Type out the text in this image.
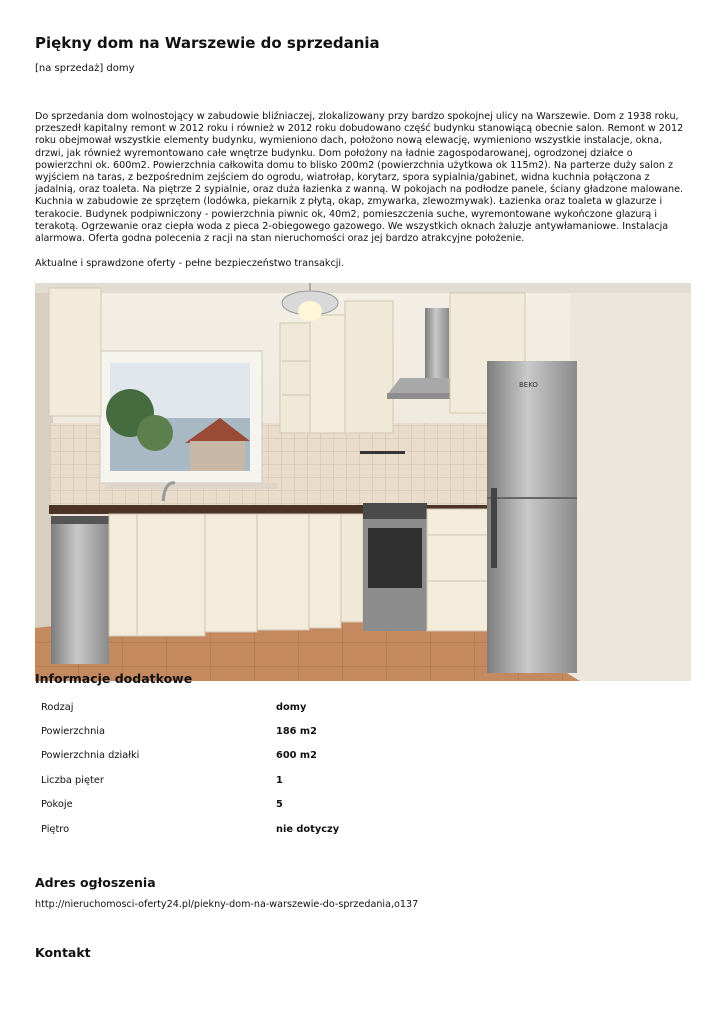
Piękny dom na Warszewie do sprzedania
[na sprzedaż] domy

Do sprzedania dom wolnostojący w zabudowie bliźniaczej, zlokalizowany przy bardzo spokojnej ulicy na Warszewie. Dom z 1938 roku, przeszedł kapitalny remont w 2012 roku i również w 2012 roku dobudowano część budynku stanowiącą obecnie salon. Remont w 2012 roku obejmował wszystkie elementy budynku, wymieniono dach, położono nową elewację, wymieniono wszystkie instalacje, okna, drzwi, jak również wyremontowano całe wnętrze budynku. Dom położony na ładnie zagospodarowanej, ogrodzonej działce o powierzchni ok. 600m2. Powierzchnia całkowita domu to blisko 200m2 (powierzchnia użytkowa ok 115m2). Na parterze duży salon z wyjściem na taras, z bezpośrednim zejściem do ogrodu, wiatrołap, korytarz, spora sypialnia/gabinet, widna kuchnia połączona z jadalnią, oraz toaleta. Na piętrze 2 sypialnie, oraz duża łazienka z wanną. W pokojach na podłodze panele, ściany gładzone malowane. Kuchnia w zabudowie ze sprzętem (lodówka, piekarnik z płytą, okap, zmywarka, zlewozmywak). Łazienka oraz toaleta w glazurze i terakocie. Budynek podpiwniczony - powierzchnia piwnic ok, 40m2, pomieszczenia suche, wyremontowane wykończone glazurą i terakotą. Ogrzewanie oraz ciepła woda z pieca 2-obiegowego gazowego. We wszystkich oknach żaluzje antywłamaniowe. Instalacja alarmowa. Oferta godna polecenia z racji na stan nieruchomości oraz jej bardzo atrakcyjne położenie.

Aktualne i sprawdzone oferty - pełne bezpieczeństwo transakcji.
BEKO
Informacje dodatkowe
Rodzaj	domy
Powierzchnia	186 m2
Powierzchnia działki	600 m2
Liczba pięter	1
Pokoje	5
Piętro	nie dotyczy
Adres ogłoszenia
http://nieruchomosci-oferty24.pl/piekny-dom-na-warszewie-do-sprzedania,o137
Kontakt
